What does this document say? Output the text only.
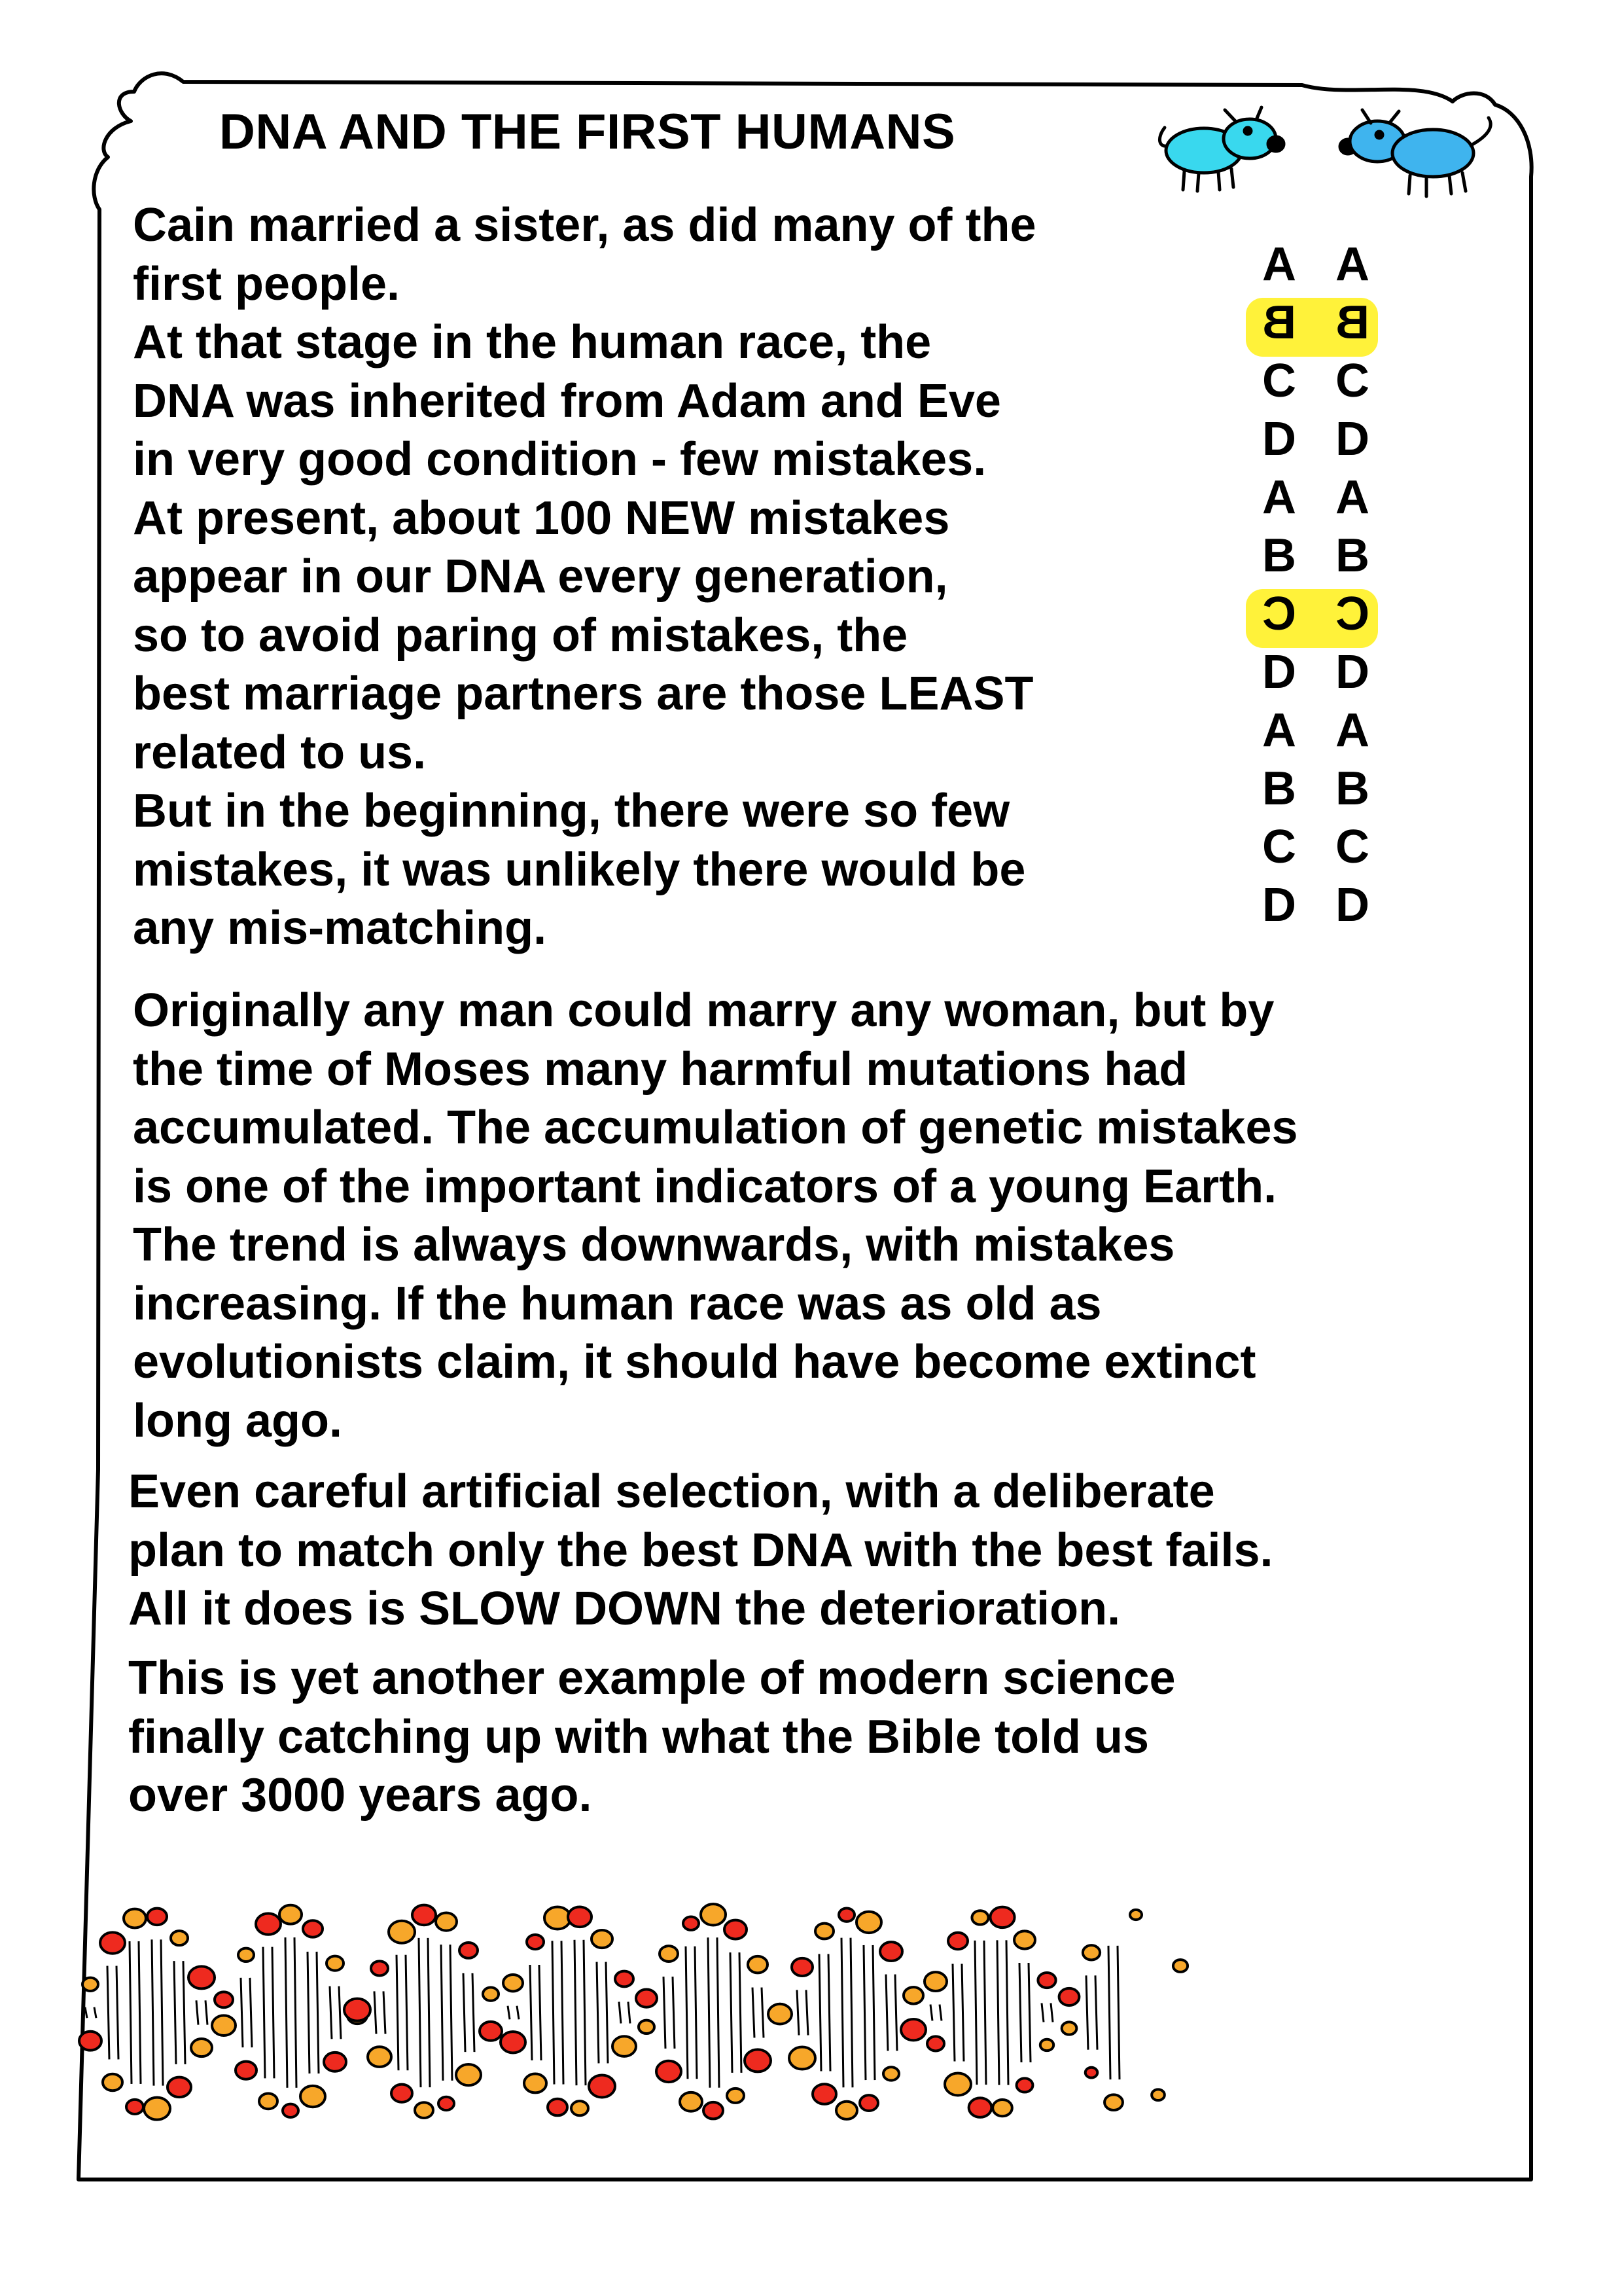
DNA AND THE FIRST HUMANS
Cain married a sister, as did many of the
first people.
At that stage in the human race, the
DNA was inherited from Adam and Eve
in very good condition - few mistakes.
At present, about 100 NEW mistakes
appear in our DNA every generation,
so to avoid paring of mistakes, the
best marriage partners are those LEAST
related to us.
But in the beginning, there were so few
mistakes, it was unlikely there would be
any mis-matching.
Originally any man could marry any woman, but by
the time of Moses many harmful mutations had
accumulated. The accumulation of genetic mistakes
is one of the important indicators of a young Earth.
The trend is always downwards, with mistakes
increasing. If the human race was as old as
evolutionists claim, it should have become extinct
long ago.
Even careful artificial selection, with a deliberate
plan to match only the best DNA with the best fails.
All it does is SLOW DOWN the deterioration.
This is yet another example of modern science
finally catching up with what the Bible told us
over 3000 years ago.
A A
B B
C C
D D
A A
B B
C C
D D
A A
B B
C C
D D
